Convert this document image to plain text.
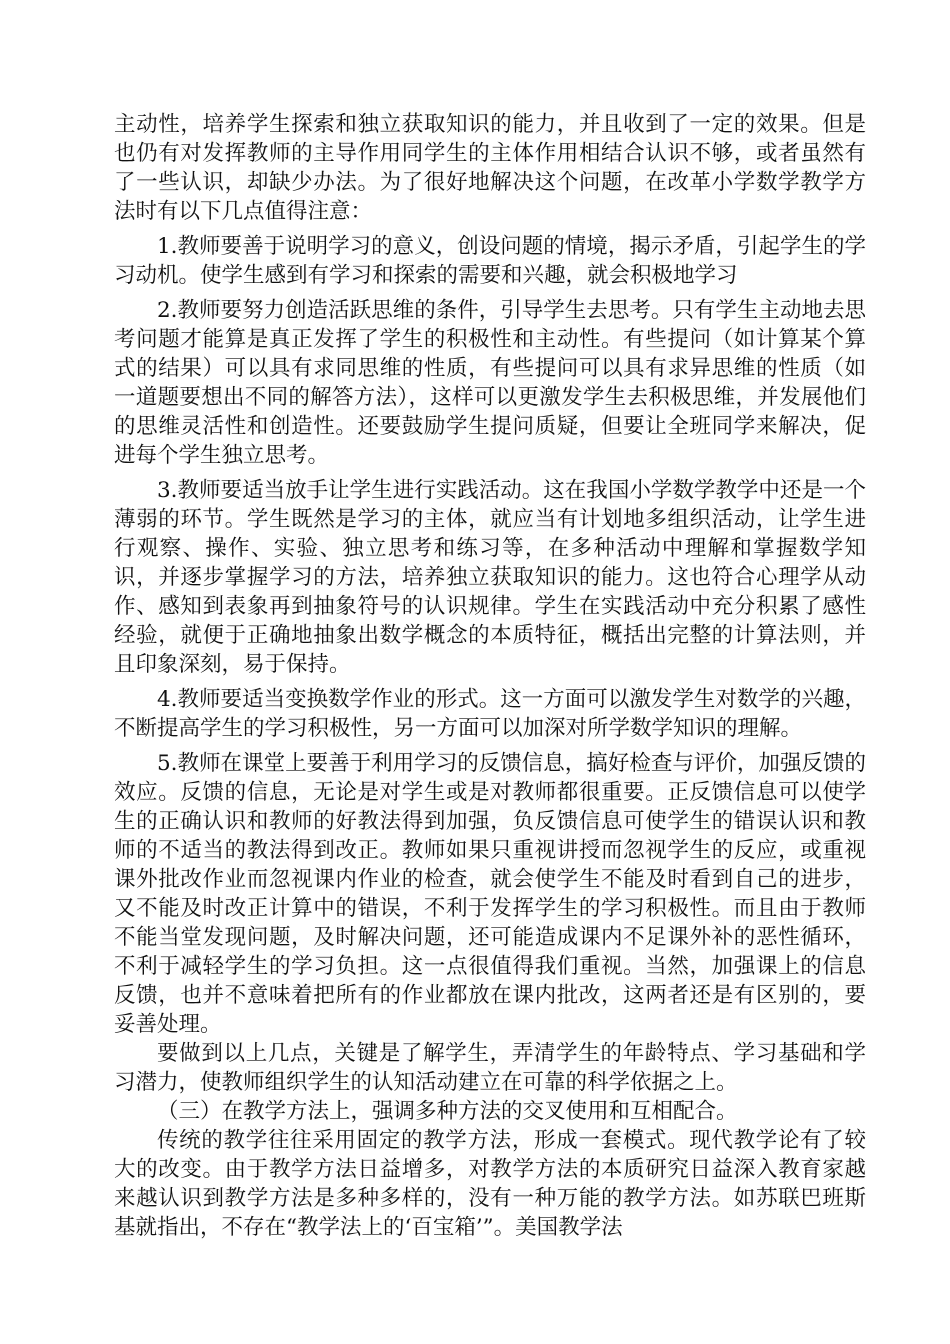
主动性，培养学生探索和独立获取知识的能力，并且收到了一定的效果。但是也仍有对发挥教师的主导作用同学生的主体作用相结合认识不够，或者虽然有了一些认识，却缺少办法。为了很好地解决这个问题，在改革小学数学教学方法时有以下几点值得注意：

1.教师要善于说明学习的意义，创设问题的情境，揭示矛盾，引起学生的学习动机。使学生感到有学习和探索的需要和兴趣，就会积极地学习

2.教师要努力创造活跃思维的条件，引导学生去思考。只有学生主动地去思考问题才能算是真正发挥了学生的积极性和主动性。有些提问（如计算某个算式的结果）可以具有求同思维的性质，有些提问可以具有求异思维的性质（如一道题要想出不同的解答方法），这样可以更激发学生去积极思维，并发展他们的思维灵活性和创造性。还要鼓励学生提问质疑，但要让全班同学来解决，促进每个学生独立思考。

3.教师要适当放手让学生进行实践活动。这在我国小学数学教学中还是一个薄弱的环节。学生既然是学习的主体，就应当有计划地多组织活动，让学生进行观察、操作、实验、独立思考和练习等，在多种活动中理解和掌握数学知识，并逐步掌握学习的方法，培养独立获取知识的能力。这也符合心理学从动作、感知到表象再到抽象符号的认识规律。学生在实践活动中充分积累了感性经验，就便于正确地抽象出数学概念的本质特征，概括出完整的计算法则，并且印象深刻，易于保持。

4.教师要适当变换数学作业的形式。这一方面可以激发学生对数学的兴趣，不断提高学生的学习积极性，另一方面可以加深对所学数学知识的理解。

5.教师在课堂上要善于利用学习的反馈信息，搞好检查与评价，加强反馈的效应。反馈的信息，无论是对学生或是对教师都很重要。正反馈信息可以使学生的正确认识和教师的好教法得到加强，负反馈信息可使学生的错误认识和教师的不适当的教法得到改正。教师如果只重视讲授而忽视学生的反应，或重视课外批改作业而忽视课内作业的检查，就会使学生不能及时看到自己的进步，又不能及时改正计算中的错误，不利于发挥学生的学习积极性。而且由于教师不能当堂发现问题，及时解决问题，还可能造成课内不足课外补的恶性循环，不利于减轻学生的学习负担。这一点很值得我们重视。当然，加强课上的信息反馈，也并不意味着把所有的作业都放在课内批改，这两者还是有区别的，要妥善处理。

要做到以上几点，关键是了解学生，弄清学生的年龄特点、学习基础和学习潜力，使教师组织学生的认知活动建立在可靠的科学依据之上。

（三）在教学方法上，强调多种方法的交叉使用和互相配合。

传统的教学往往采用固定的教学方法，形成一套模式。现代教学论有了较大的改变。由于教学方法日益增多，对教学方法的本质研究日益深入教育家越来越认识到教学方法是多种多样的，没有一种万能的教学方法。如苏联巴班斯基就指出，不存在“教学法上的‘百宝箱’”。美国教学法
